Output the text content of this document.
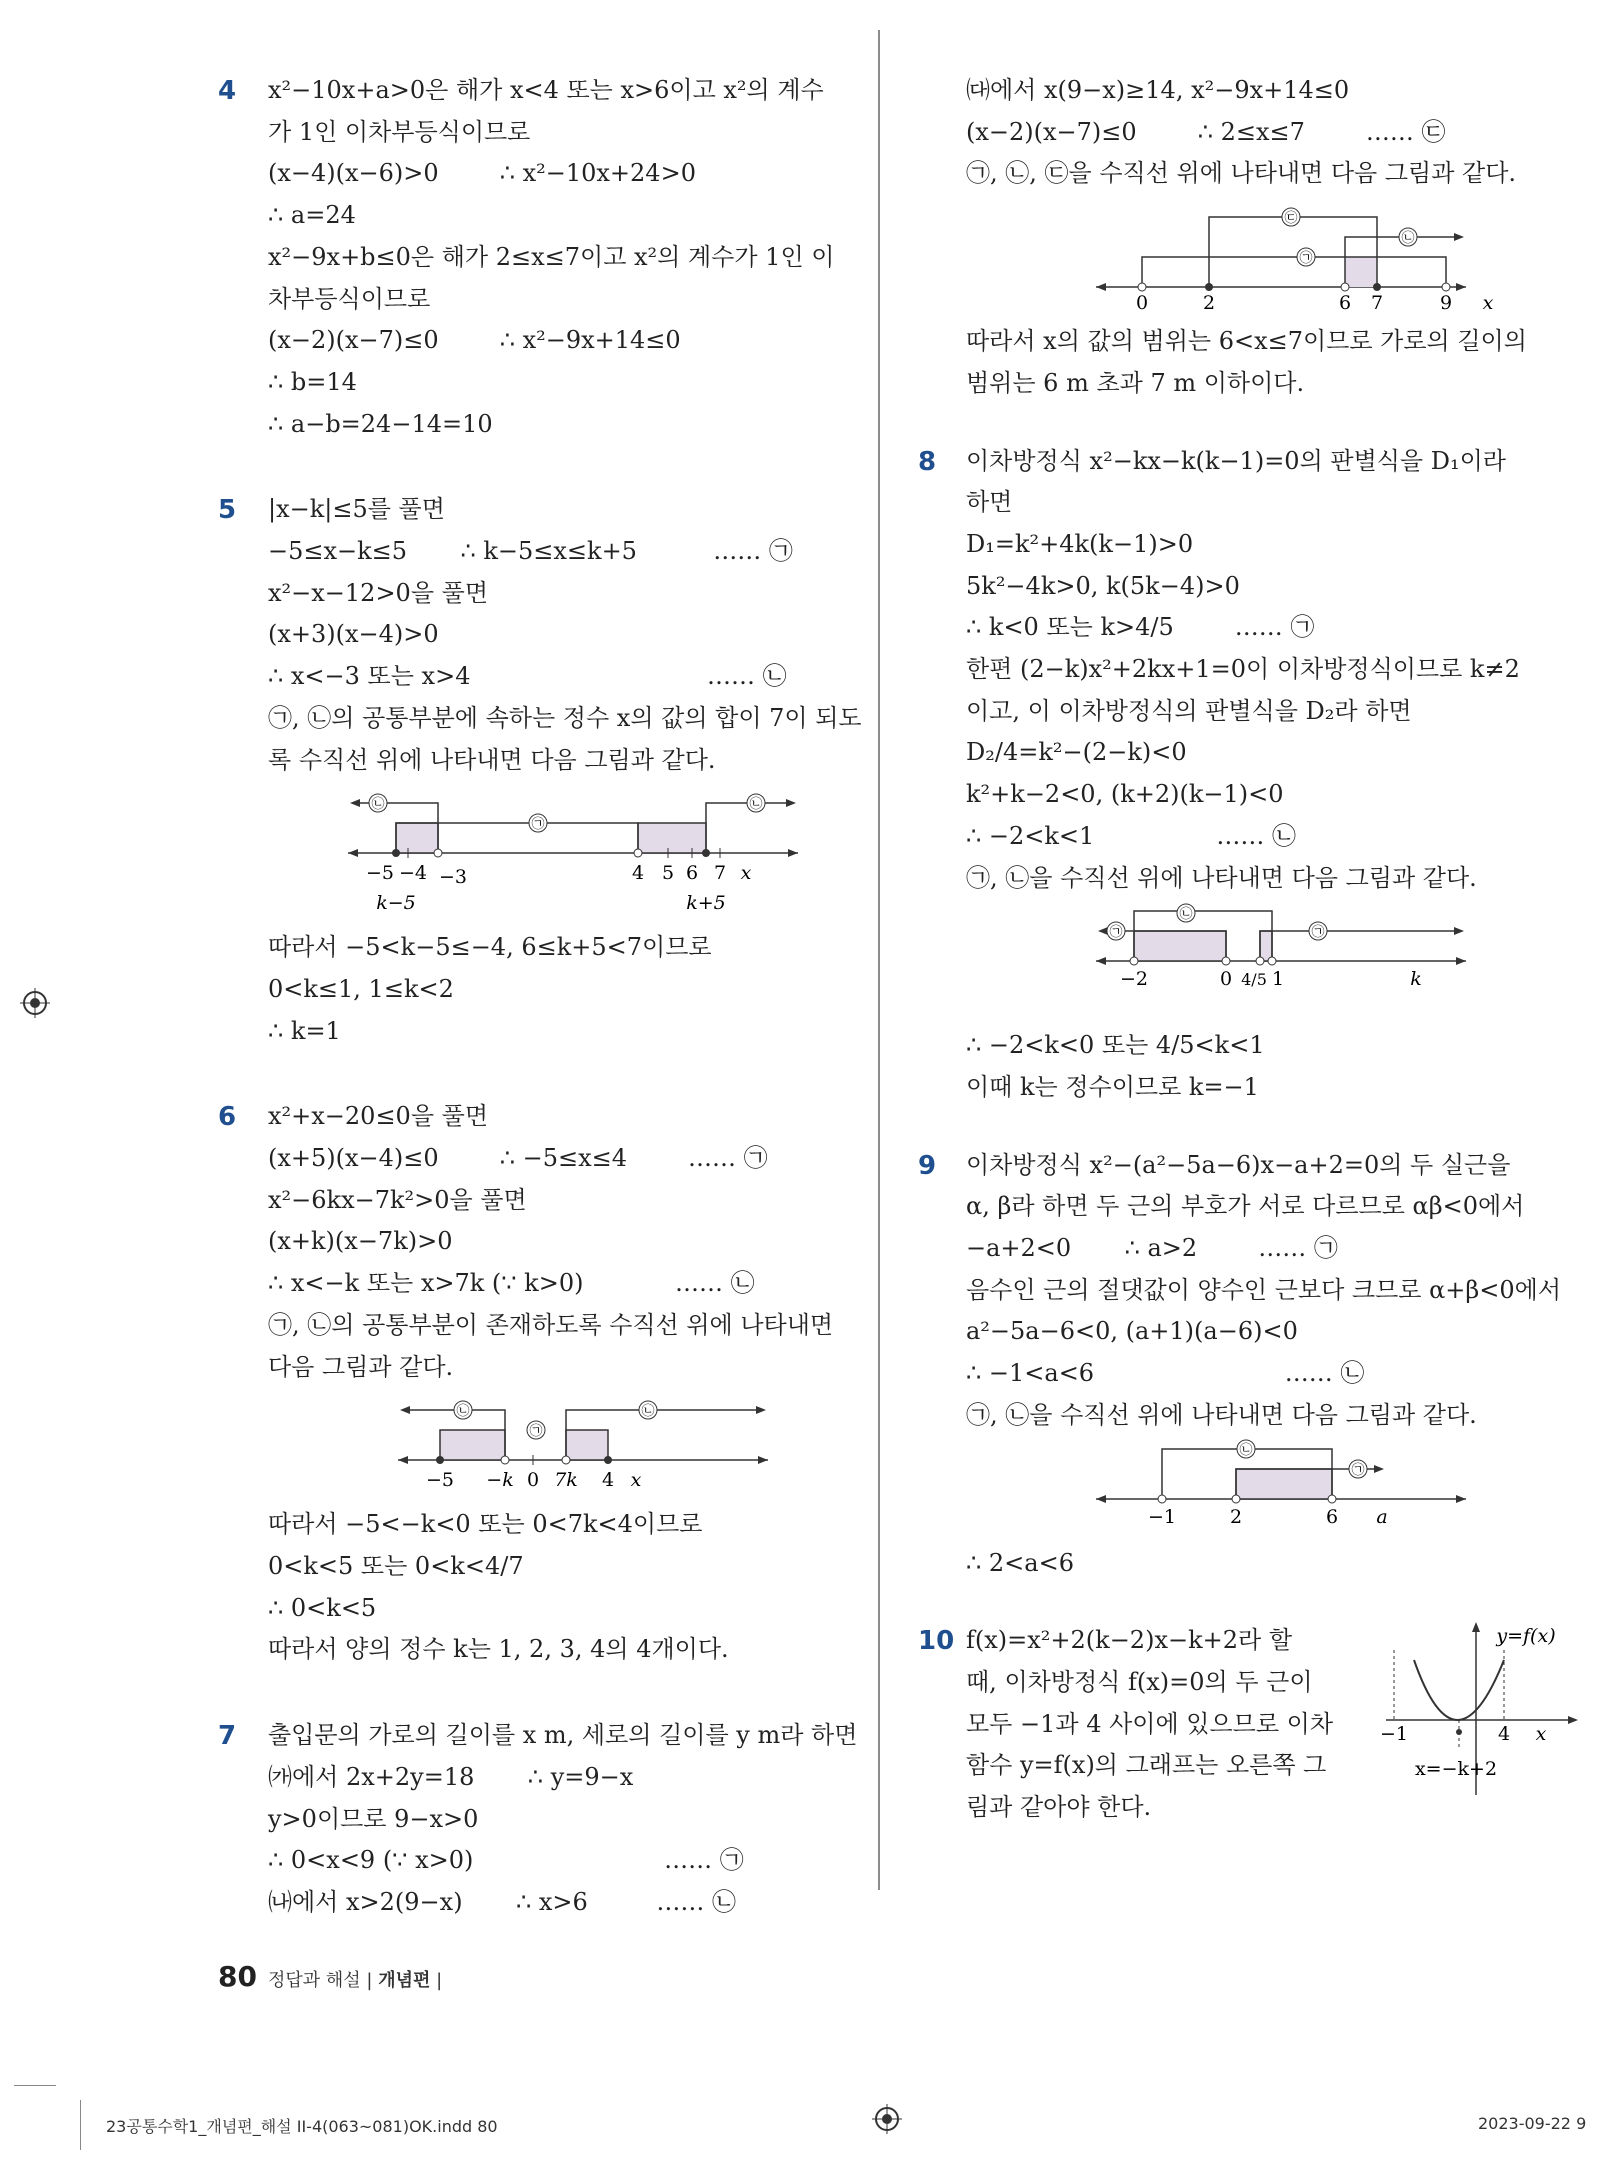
4 x²−10x+a>0은 해가 x<4 또는 x>6이고 x²의 계수
가 1인 이차부등식이므로
(x−4)(x−6)>0        ∴ x²−10x+24>0
∴ a=24
x²−9x+b≤0은 해가 2≤x≤7이고 x²의 계수가 1인 이
차부등식이므로
(x−2)(x−7)≤0        ∴ x²−9x+14≤0
∴ b=14
∴ a−b=24−14=10
5 |x−k|≤5를 풀면
−5≤x−k≤5       ∴ k−5≤x≤k+5          …… ㉠
x²−x−12>0을 풀면
(x+3)(x−4)>0
∴ x<−3 또는 x>4                               …… ㉡
㉠, ㉡의 공통부분에 속하는 정수 x의 값의 합이 7이 되도
록 수직선 위에 나타내면 다음 그림과 같다.
㉡
㉠
㉡
−5 −4 −3	4 5 6 7 x
k−5	k+5
따라서 −5<k−5≤−4, 6≤k+5<7이므로
0<k≤1, 1≤k<2
∴ k=1
6 x²+x−20≤0을 풀면
(x+5)(x−4)≤0        ∴ −5≤x≤4        …… ㉠
x²−6kx−7k²>0을 풀면
(x+k)(x−7k)>0
∴ x<−k 또는 x>7k (∵ k>0)            …… ㉡
㉠, ㉡의 공통부분이 존재하도록 수직선 위에 나타내면
다음 그림과 같다.
㉡
㉠
㉡
−5 −k 0 7k 4 x
따라서 −5<−k<0 또는 0<7k<4이므로
0<k<5 또는 0<k<4/7
∴ 0<k<5
따라서 양의 정수 k는 1, 2, 3, 4의 4개이다.
7 출입문의 가로의 길이를 x m, 세로의 길이를 y m라 하면
㈎에서 2x+2y=18       ∴ y=9−x
y>0이므로 9−x>0
∴ 0<x<9 (∵ x>0)                         …… ㉠
㈏에서 x>2(9−x)       ∴ x>6         …… ㉡
㈐에서 x(9−x)≥14, x²−9x+14≤0
(x−2)(x−7)≤0        ∴ 2≤x≤7        …… ㉢
㉠, ㉡, ㉢을 수직선 위에 나타내면 다음 그림과 같다.
㉢
㉠
㉡
0	2	6 7	9 x
따라서 x의 값의 범위는 6<x≤7이므로 가로의 길이의
범위는 6 m 초과 7 m 이하이다.
8 이차방정식 x²−kx−k(k−1)=0의 판별식을 D₁이라
하면
D₁=k²+4k(k−1)>0
5k²−4k>0, k(5k−4)>0
∴ k<0 또는 k>4/5        …… ㉠
한편 (2−k)x²+2kx+1=0이 이차방정식이므로 k≠2
이고, 이 이차방정식의 판별식을 D₂라 하면
D₂/4=k²−(2−k)<0
k²+k−2<0, (k+2)(k−1)<0
∴ −2<k<1                …… ㉡
㉠, ㉡을 수직선 위에 나타내면 다음 그림과 같다.
㉡
㉠	㉠
−2	0 4/5 1	k
∴ −2<k<0 또는 4/5<k<1
이때 k는 정수이므로 k=−1
9 이차방정식 x²−(a²−5a−6)x−a+2=0의 두 실근을
α, β라 하면 두 근의 부호가 서로 다르므로 αβ<0에서
−a+2<0       ∴ a>2        …… ㉠
음수인 근의 절댓값이 양수인 근보다 크므로 α+β<0에서
a²−5a−6<0, (a+1)(a−6)<0
∴ −1<a<6                         …… ㉡
㉠, ㉡을 수직선 위에 나타내면 다음 그림과 같다.
㉡
㉠
−1	2	6 a
∴ 2<a<6
10 f(x)=x²+2(k−2)x−k+2라 할
때, 이차방정식 f(x)=0의 두 근이
모두 −1과 4 사이에 있으므로 이차
함수 y=f(x)의 그래프는 오른쪽 그
림과 같아야 한다.
y=f(x)
−1	4 x
x=−k+2
80 정답과 해설 | 개념편 |
23공통수학1_개념편_해설 II-4(063~081)OK.indd 80	2023-09-22 9
